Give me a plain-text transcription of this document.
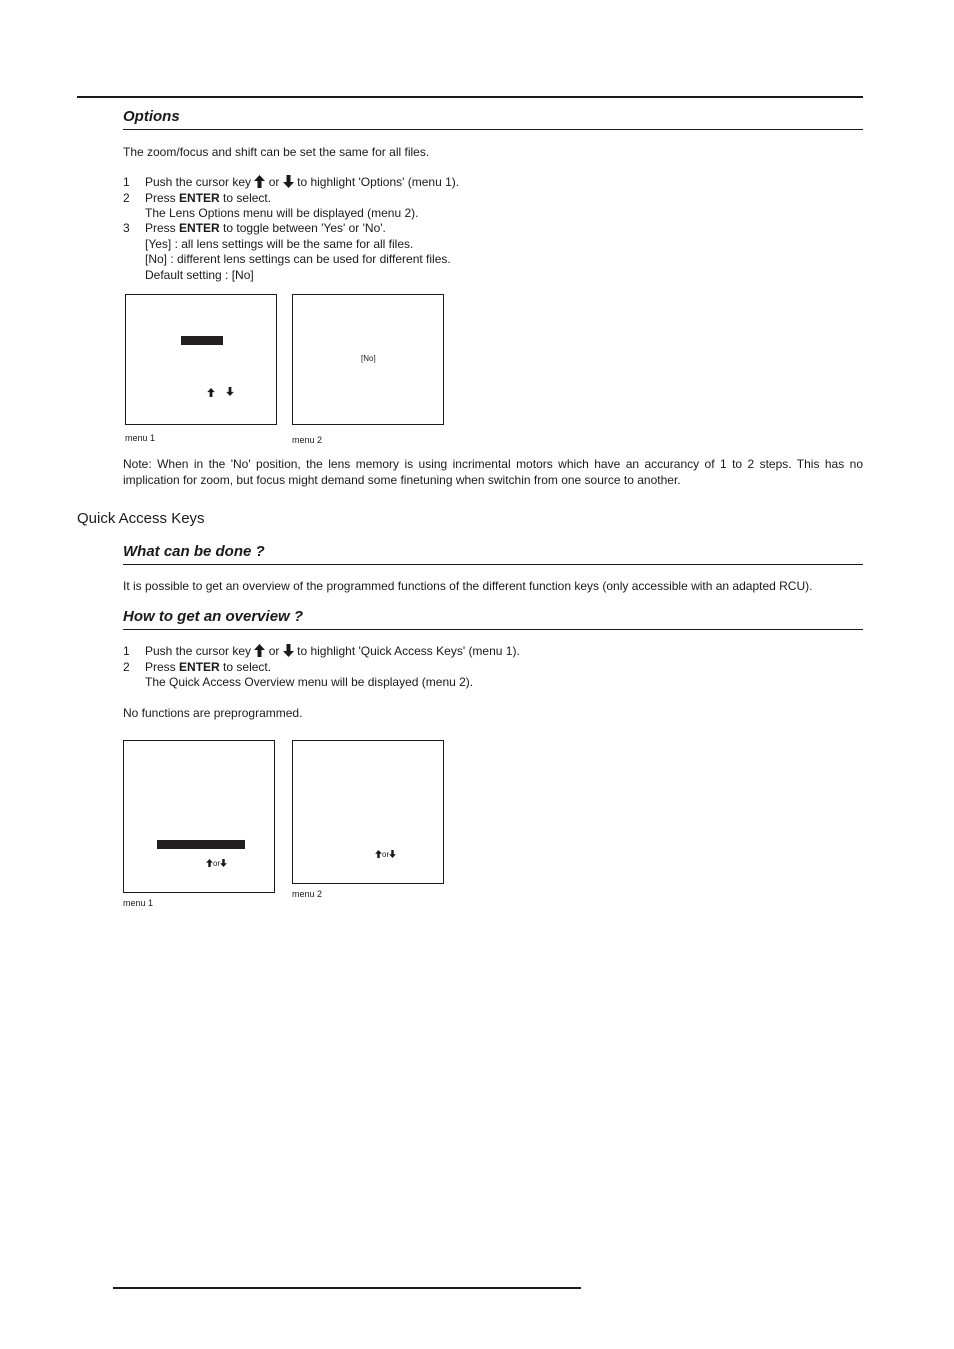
Options
The zoom/focus and shift can be set the same for all files.
1 Push the cursor key or to highlight 'Options' (menu 1).
2 Press ENTER to select.
The Lens Options menu will be displayed (menu 2).
3 Press ENTER to toggle between 'Yes' or 'No'.
[Yes] : all lens settings will be the same for all files.
[No] : different lens settings can be used for different files.
Default setting : [No]
menu 1
[No]
menu 2
Note: When in the 'No' position, the lens memory is using incrimental motors which have an accurancy of 1 to 2 steps. This has no implication for zoom, but focus might demand some finetuning when switchin from one source to another.
Quick Access Keys
What can be done ?
It is possible to get an overview of the programmed functions of the different function keys (only accessible with an adapted RCU).
How to get an overview ?
1 Push the cursor key or to highlight 'Quick Access Keys' (menu 1).
2 Press ENTER to select.
The Quick Access Overview menu will be displayed (menu 2).
No functions are preprogrammed.
or
menu 1
or
menu 2
